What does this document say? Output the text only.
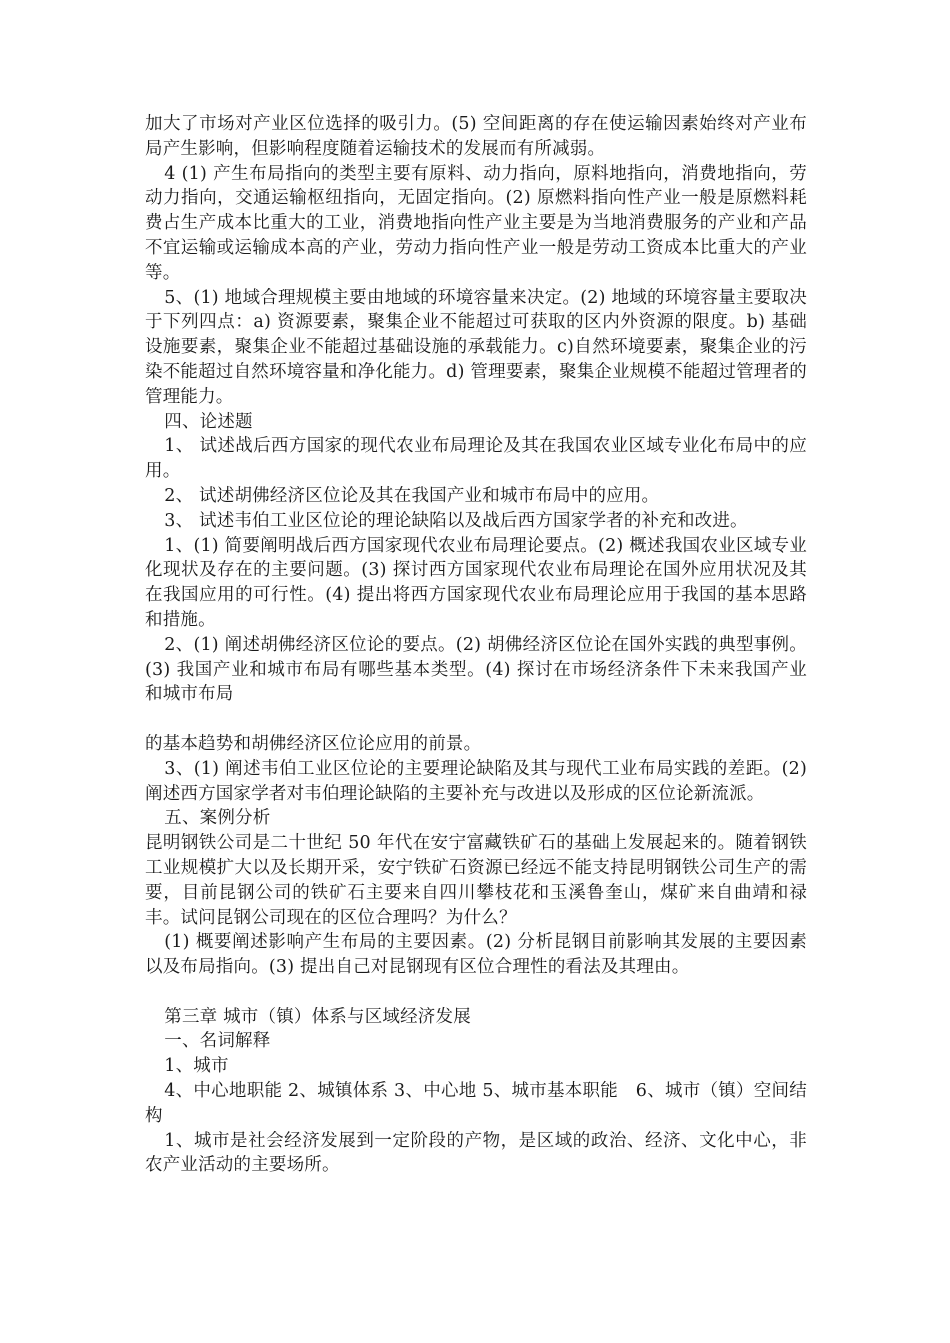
加大了市场对产业区位选择的吸引力。(5) 空间距离的存在使运输因素始终对产业布局产生影响，但影响程度随着运输技术的发展而有所减弱。

4 (1) 产生布局指向的类型主要有原料、动力指向，原料地指向，消费地指向，劳动力指向，交通运输枢纽指向，无固定指向。(2) 原燃料指向性产业一般是原燃料耗费占生产成本比重大的工业，消费地指向性产业主要是为当地消费服务的产业和产品不宜运输或运输成本高的产业，劳动力指向性产业一般是劳动工资成本比重大的产业等。

5、(1) 地域合理规模主要由地域的环境容量来决定。(2) 地域的环境容量主要取决于下列四点：a) 资源要素，聚集企业不能超过可获取的区内外资源的限度。b) 基础设施要素，聚集企业不能超过基础设施的承载能力。c)自然环境要素，聚集企业的污染不能超过自然环境容量和净化能力。d) 管理要素，聚集企业规模不能超过管理者的管理能力。

四、论述题

1、 试述战后西方国家的现代农业布局理论及其在我国农业区域专业化布局中的应用。

2、 试述胡佛经济区位论及其在我国产业和城市布局中的应用。

3、 试述韦伯工业区位论的理论缺陷以及战后西方国家学者的补充和改进。

1、(1) 简要阐明战后西方国家现代农业布局理论要点。(2) 概述我国农业区域专业化现状及存在的主要问题。(3) 探讨西方国家现代农业布局理论在国外应用状况及其在我国应用的可行性。(4) 提出将西方国家现代农业布局理论应用于我国的基本思路和措施。

2、(1) 阐述胡佛经济区位论的要点。(2) 胡佛经济区位论在国外实践的典型事例。(3) 我国产业和城市布局有哪些基本类型。(4) 探讨在市场经济条件下未来我国产业和城市布局

的基本趋势和胡佛经济区位论应用的前景。

3、(1) 阐述韦伯工业区位论的主要理论缺陷及其与现代工业布局实践的差距。(2) 阐述西方国家学者对韦伯理论缺陷的主要补充与改进以及形成的区位论新流派。

五、案例分析

昆明钢铁公司是二十世纪 50 年代在安宁富藏铁矿石的基础上发展起来的。随着钢铁工业规模扩大以及长期开采，安宁铁矿石资源已经远不能支持昆明钢铁公司生产的需要，目前昆钢公司的铁矿石主要来自四川攀枝花和玉溪鲁奎山，煤矿来自曲靖和禄丰。试问昆钢公司现在的区位合理吗？为什么？

(1) 概要阐述影响产生布局的主要因素。(2) 分析昆钢目前影响其发展的主要因素以及布局指向。(3) 提出自己对昆钢现有区位合理性的看法及其理由。

第三章 城市（镇）体系与区域经济发展

一、名词解释

1、城市

4、中心地职能 2、城镇体系 3、中心地 5、城市基本职能　6、城市（镇）空间结构

1、城市是社会经济发展到一定阶段的产物，是区域的政治、经济、文化中心，非农产业活动的主要场所。
